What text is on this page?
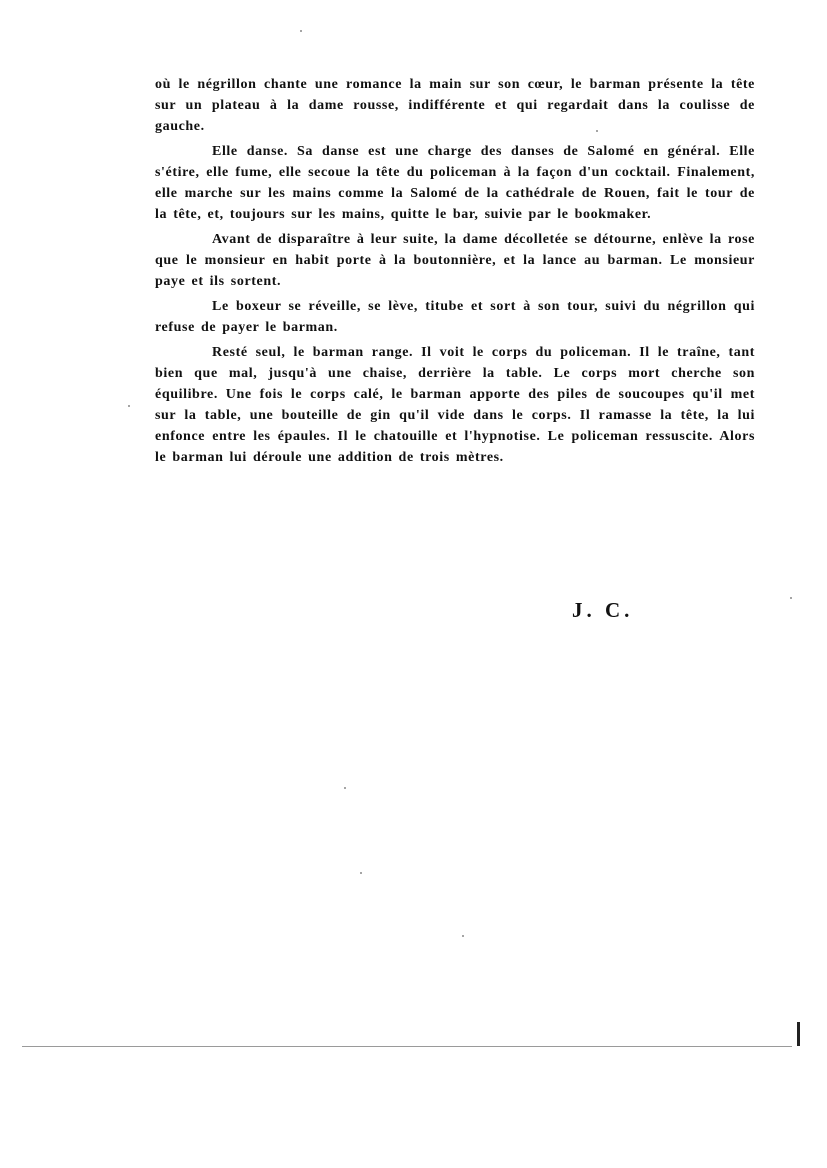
où le négrillon chante une romance la main sur son cœur, le barman présente la tête sur un plateau à la dame rousse, indifférente et qui regardait dans la coulisse de gauche.

Elle danse. Sa danse est une charge des danses de Salomé en général. Elle s'étire, elle fume, elle secoue la tête du policeman à la façon d'un cocktail. Finalement, elle marche sur les mains comme la Salomé de la cathédrale de Rouen, fait le tour de la tête, et, toujours sur les mains, quitte le bar, suivie par le bookmaker.

Avant de disparaître à leur suite, la dame décolletée se détourne, enlève la rose que le monsieur en habit porte à la boutonnière, et la lance au barman. Le monsieur paye et ils sortent.

Le boxeur se réveille, se lève, titube et sort à son tour, suivi du négrillon qui refuse de payer le barman.

Resté seul, le barman range. Il voit le corps du policeman. Il le traîne, tant bien que mal, jusqu'à une chaise, derrière la table. Le corps mort cherche son équilibre. Une fois le corps calé, le barman apporte des piles de soucoupes qu'il met sur la table, une bouteille de gin qu'il vide dans le corps. Il ramasse la tête, la lui enfonce entre les épaules. Il le chatouille et l'hypnotise. Le policeman ressuscite. Alors le barman lui déroule une addition de trois mètres.

J. C.
